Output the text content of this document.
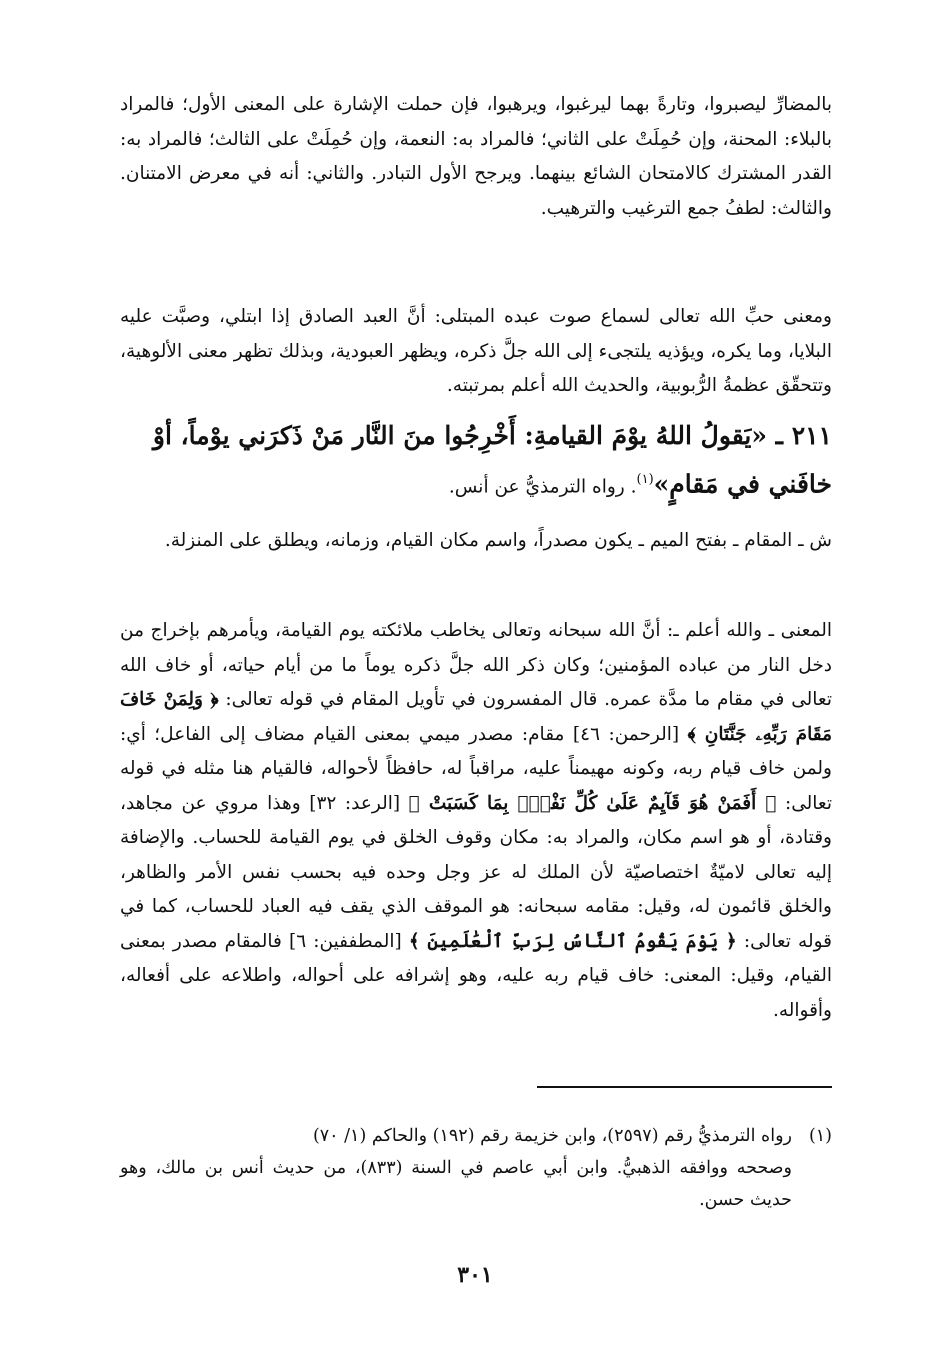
بالمضارِّ ليصبروا، وتارةً بهما ليرغبوا، ويرهبوا، فإن حملت الإشارة على المعنى الأول؛ فالمراد بالبلاء: المحنة، وإن حُمِلَتْ على الثاني؛ فالمراد به: النعمة، وإن حُمِلَتْ على الثالث؛ فالمراد به: القدر المشترك كالامتحان الشائع بينهما. ويرجح الأول التبادر. والثاني: أنه في معرض الامتنان. والثالث: لطفُ جمع الترغيب والترهيب.
ومعنى حبِّ الله تعالى لسماع صوت عبده المبتلى: أنَّ العبد الصادق إذا ابتلي، وصبَّت عليه البلايا، وما يكره، ويؤذيه يلتجىء إلى الله جلَّ ذكره، ويظهر العبودية، وبذلك تظهر معنى الألوهية، وتتحقّق عظمةُ الرُّبوبية، والحديث الله أعلم بمرتبته.
٢١١ ـ «يَقولُ اللهُ يوْمَ القيامةِ: أَخْرِجُوا منَ النَّار مَنْ ذَكرَني يوْماً، أوْ خافَني في مَقامٍ»$^{(١)}$. رواه الترمذيُّ عن أنس.
ش ـ المقام ـ بفتح الميم ـ يكون مصدراً، واسم مكان القيام، وزمانه، ويطلق على المنزلة.
المعنى ـ والله أعلم ـ: أنَّ الله سبحانه وتعالى يخاطب ملائكته يوم القيامة، ويأمرهم بإخراج من دخل النار من عباده المؤمنين؛ وكان ذكر الله جلَّ ذكره يوماً ما من أيام حياته، أو خاف الله تعالى في مقام ما مدَّة عمره. قال المفسرون في تأويل المقام في قوله تعالى: ﴿ وَلِمَنْ خَافَ مَقَامَ رَبِّهِۦ جَنَّتَانِ ﴾ [الرحمن: ٤٦] مقام: مصدر ميمي بمعنى القيام مضاف إلى الفاعل؛ أي: ولمن خاف قيام ربه، وكونه مهيمناً عليه، مراقباً له، حافظاً لأحواله، فالقيام هنا مثله في قوله تعالى: ﴿ أَفَمَنْ هُوَ قَآيِمٌ عَلَىٰ كُلِّ نَفْسٍۭ بِمَا كَسَبَتْ ﴾ [الرعد: ٣٢] وهذا مروي عن مجاهد، وقتادة، أو هو اسم مكان، والمراد به: مكان وقوف الخلق في يوم القيامة للحساب. والإضافة إليه تعالى لاميّةٌ اختصاصيّة لأن الملك له عز وجل وحده فيه بحسب نفس الأمر والظاهر، والخلق قائمون له، وقيل: مقامه سبحانه: هو الموقف الذي يقف فيه العباد للحساب، كما في قوله تعالى: ﴿ يَوْمَ يَقُومُ ٱلنَّاسُ لِرَبِّ ٱلْعَٰلَمِينَ ﴾ [المطففين: ٦] فالمقام مصدر بمعنى القيام، وقيل: المعنى: خاف قيام ربه عليه، وهو إشرافه على أحواله، واطلاعه على أفعاله، وأقواله.
(١)رواه الترمذيُّ رقم (٢٥٩٧)، وابن خزيمة رقم (١٩٢) والحاكم (١/ ٧٠)
وصححه ووافقه الذهبيُّ. وابن أبي عاصم في السنة (٨٣٣)، من حديث أنس بن مالك، وهو حديث حسن.
٣٠١
